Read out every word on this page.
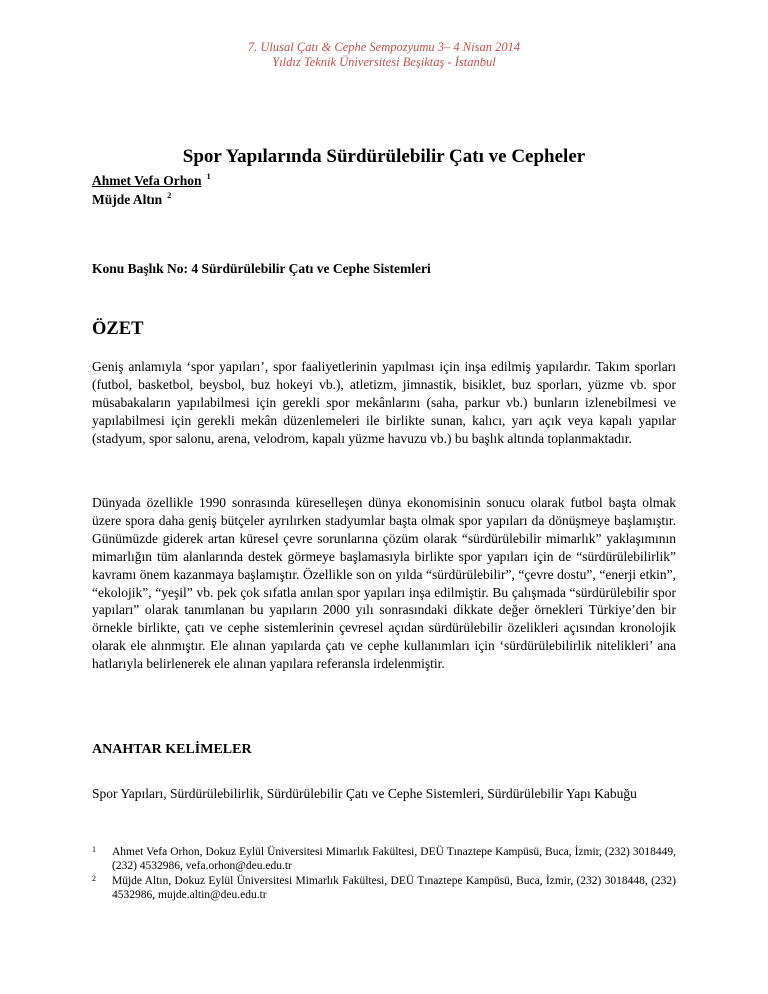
7. Ulusal Çatı & Cephe Sempozyumu 3– 4 Nisan 2014
Yıldız Teknik Üniversitesi Beşiktaş - İstanbul
Spor Yapılarında Sürdürülebilir Çatı ve Cepheler
Ahmet Vefa Orhon $^1$
Müjde Altın $^2$
Konu Başlık No: 4 Sürdürülebilir Çatı ve Cephe Sistemleri
ÖZET

Geniş anlamıyla ‘spor yapıları’, spor faaliyetlerinin yapılması için inşa edilmiş yapılardır. Takım sporları (futbol, basketbol, beysbol, buz hokeyi vb.), atletizm, jimnastik, bisiklet, buz sporları, yüzme vb. spor müsabakaların yapılabilmesi için gerekli spor mekânlarını (saha, parkur vb.) bunların izlenebilmesi ve yapılabilmesi için gerekli mekân düzenlemeleri ile birlikte sunan, kalıcı, yarı açık veya kapalı yapılar (stadyum, spor salonu, arena, velodrom, kapalı yüzme havuzu vb.) bu başlık altında toplanmaktadır.

Dünyada özellikle 1990 sonrasında küreselleşen dünya ekonomisinin sonucu olarak futbol başta olmak üzere spora daha geniş bütçeler ayrılırken stadyumlar başta olmak spor yapıları da dönüşmeye başlamıştır. Günümüzde giderek artan küresel çevre sorunlarına çözüm olarak “sürdürülebilir mimarlık” yaklaşımının mimarlığın tüm alanlarında destek görmeye başlamasıyla birlikte spor yapıları için de “sürdürülebilirlik” kavramı önem kazanmaya başlamıştır. Özellikle son on yılda “sürdürülebilir”, “çevre dostu”, “enerji etkin”, “ekolojik”, “yeşil” vb. pek çok sıfatla anılan spor yapıları inşa edilmiştir. Bu çalışmada “sürdürülebilir spor yapıları” olarak tanımlanan bu yapıların 2000 yılı sonrasındaki dikkate değer örnekleri Türkiye’den bir örnekle birlikte, çatı ve cephe sistemlerinin çevresel açıdan sürdürülebilir özelikleri açısından kronolojik olarak ele alınmıştır. Ele alınan yapılarda çatı ve cephe kullanımları için ‘sürdürülebilirlik nitelikleri’ ana hatlarıyla belirlenerek ele alınan yapılara referansla irdelenmiştir.

ANAHTAR KELİMELER
Spor Yapıları, Sürdürülebilirlik, Sürdürülebilir Çatı ve Cephe Sistemleri, Sürdürülebilir Yapı Kabuğu
1 Ahmet Vefa Orhon, Dokuz Eylül Üniversitesi Mimarlık Fakültesi, DEÜ Tınaztepe Kampüsü, Buca, İzmir, (232) 3018449, (232) 4532986, vefa.orhon@deu.edu.tr
2 Müjde Altın, Dokuz Eylül Üniversitesi Mimarlık Fakültesi, DEÜ Tınaztepe Kampüsü, Buca, İzmir, (232) 3018448, (232) 4532986, mujde.altin@deu.edu.tr
